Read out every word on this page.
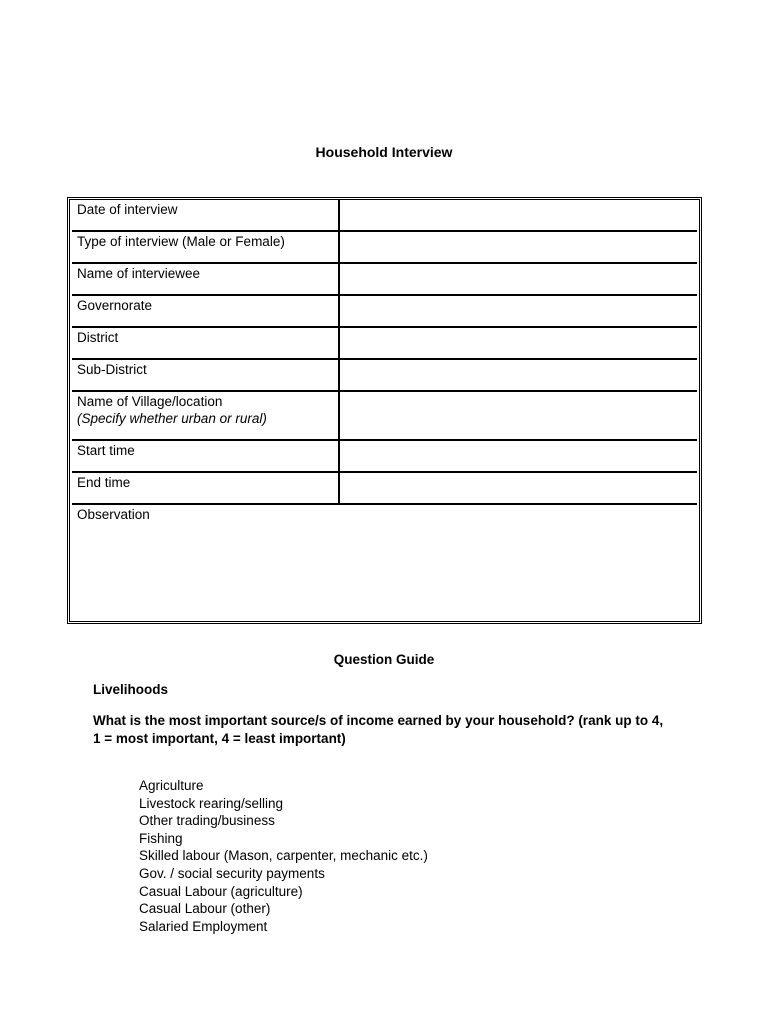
Household Interview
Date of interview
Type of interview (Male or Female)
Name of interviewee
Governorate
District
Sub-District
Name of Village/location
(Specify whether urban or rural)
Start time
End time
Observation
Question Guide
Livelihoods
What is the most important source/s of income earned by your household? (rank up to 4, 1 = most important, 4 = least important)
Agriculture
Livestock rearing/selling
Other trading/business
Fishing
Skilled labour (Mason, carpenter, mechanic etc.)
Gov. / social security payments
Casual Labour (agriculture)
Casual Labour (other)
Salaried Employment
